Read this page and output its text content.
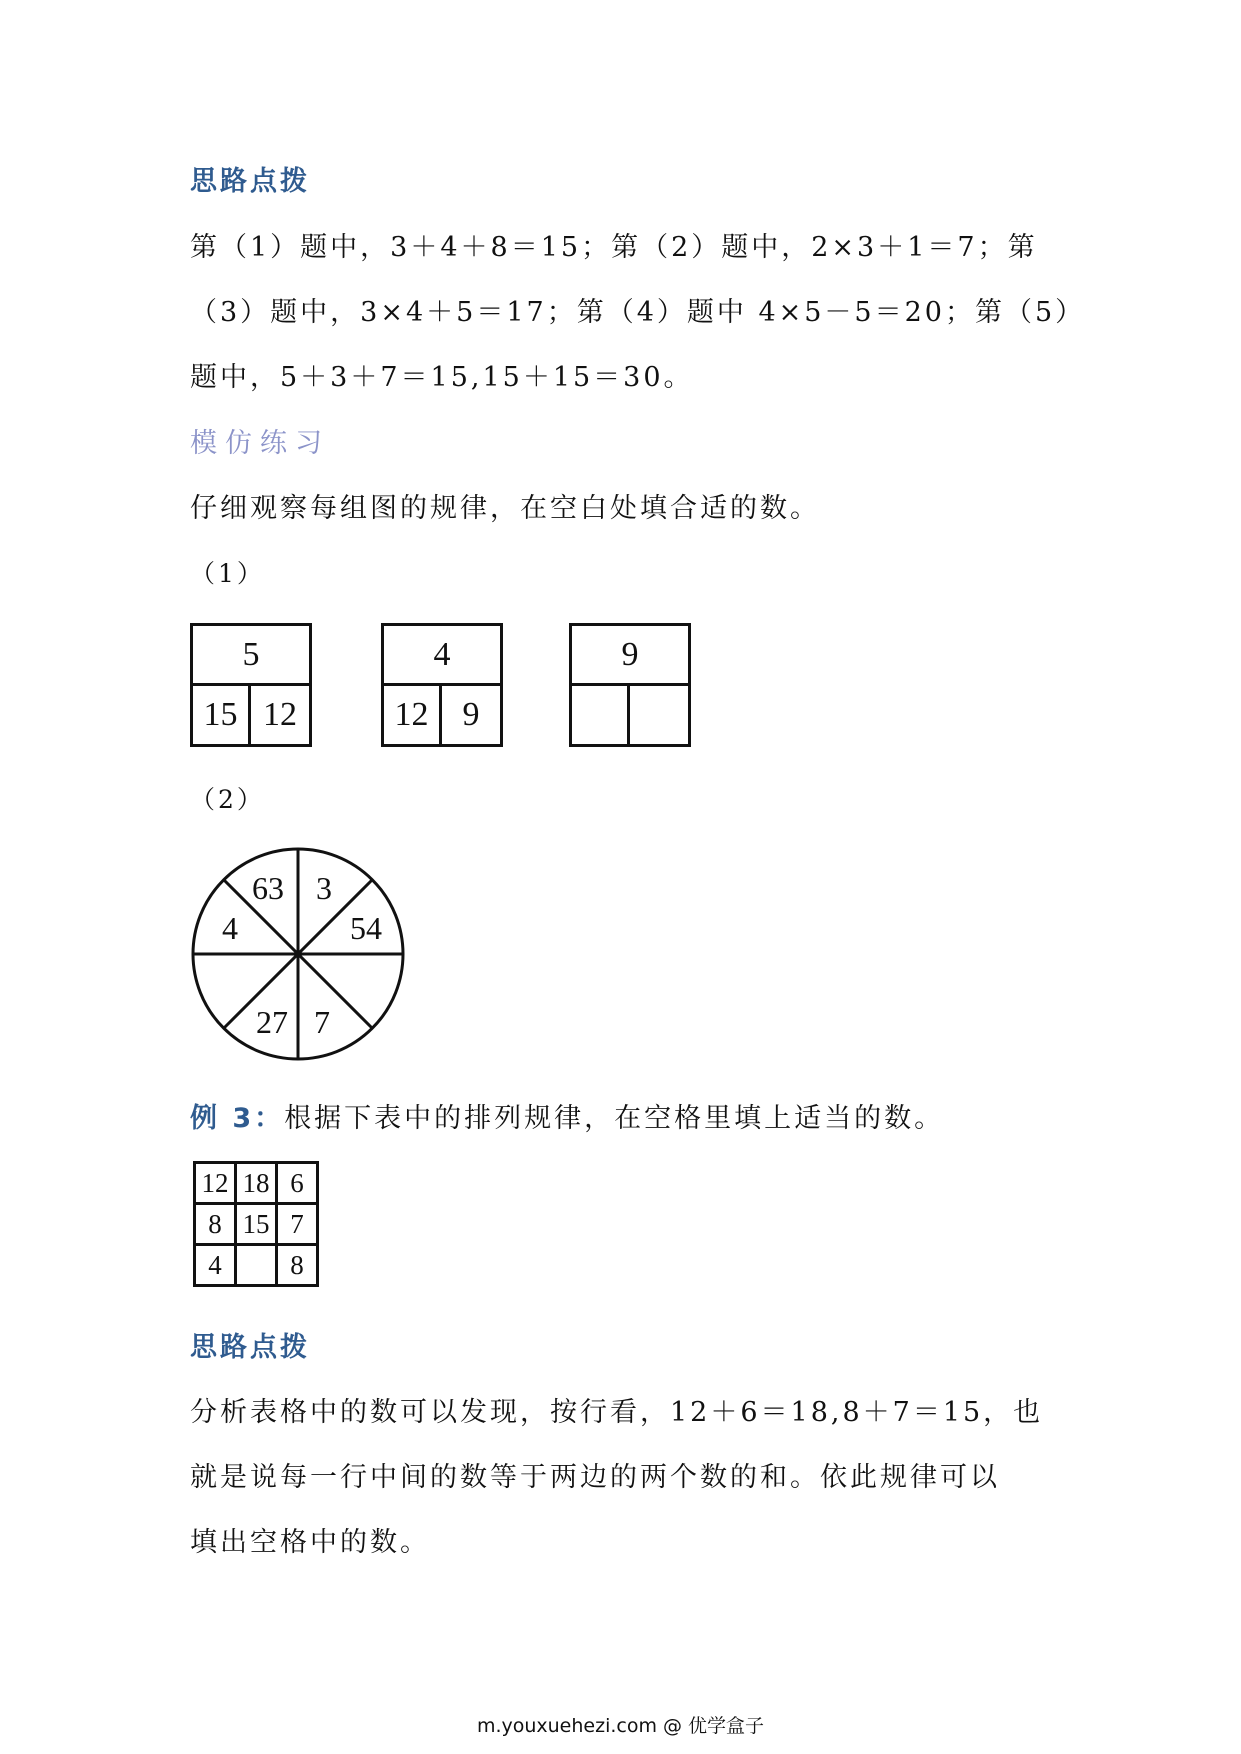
思路点拨
第（1）题中，3＋4＋8＝15；第（2）题中，2×3＋1＝7；第
（3）题中，3×4＋5＝17；第（4）题中 4×5－5＝20；第（5）
题中，5＋3＋7＝15,15＋15＝30。
模仿练习
仔细观察每组图的规律，在空白处填合适的数。
（1）
5
15 12
4
12	9
9
（2）
63 3
54
4
27 7
例 3：根据下表中的排列规律，在空格里填上适当的数。
12	18	6
8	15	7
4		8
思路点拨
分析表格中的数可以发现，按行看，12＋6＝18,8＋7＝15，也
就是说每一行中间的数等于两边的两个数的和。依此规律可以
填出空格中的数。
m.youxuehezi.com @ 优学盒子
